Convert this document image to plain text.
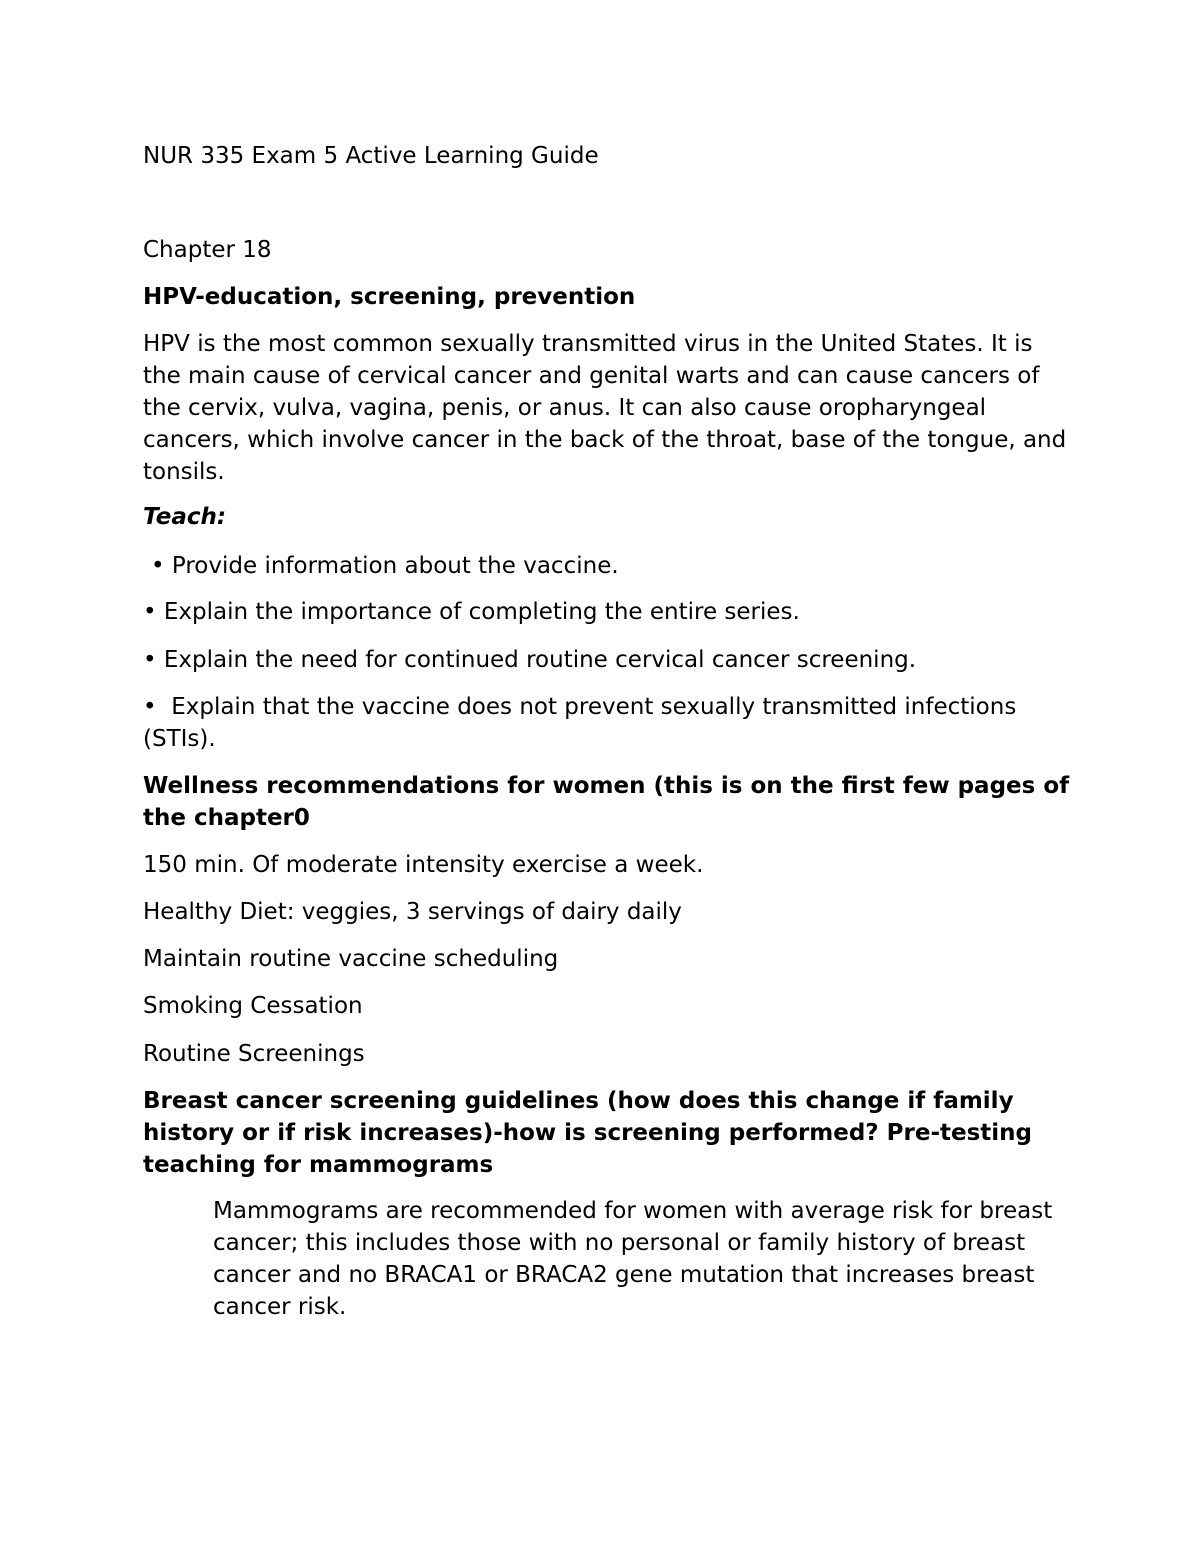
NUR 335 Exam 5 Active Learning Guide
Chapter 18
HPV-education, screening, prevention
HPV is the most common sexually transmitted virus in the United States. It is the main cause of cervical cancer and genital warts and can cause cancers of the cervix, vulva, vagina, penis, or anus. It can also cause oropharyngeal cancers, which involve cancer in the back of the throat, base of the tongue, and tonsils.
Teach:
• Provide information about the vaccine.
• Explain the importance of completing the entire series.
• Explain the need for continued routine cervical cancer screening.
• Explain that the vaccine does not prevent sexually transmitted infections (STIs).
Wellness recommendations for women (this is on the first few pages of the chapter0
150 min. Of moderate intensity exercise a week.
Healthy Diet: veggies, 3 servings of dairy daily
Maintain routine vaccine scheduling
Smoking Cessation
Routine Screenings
Breast cancer screening guidelines (how does this change if family history or if risk increases)-how is screening performed? Pre-testing teaching for mammograms
Mammograms are recommended for women with average risk for breast cancer; this includes those with no personal or family history of breast cancer and no BRACA1 or BRACA2 gene mutation that increases breast cancer risk.
